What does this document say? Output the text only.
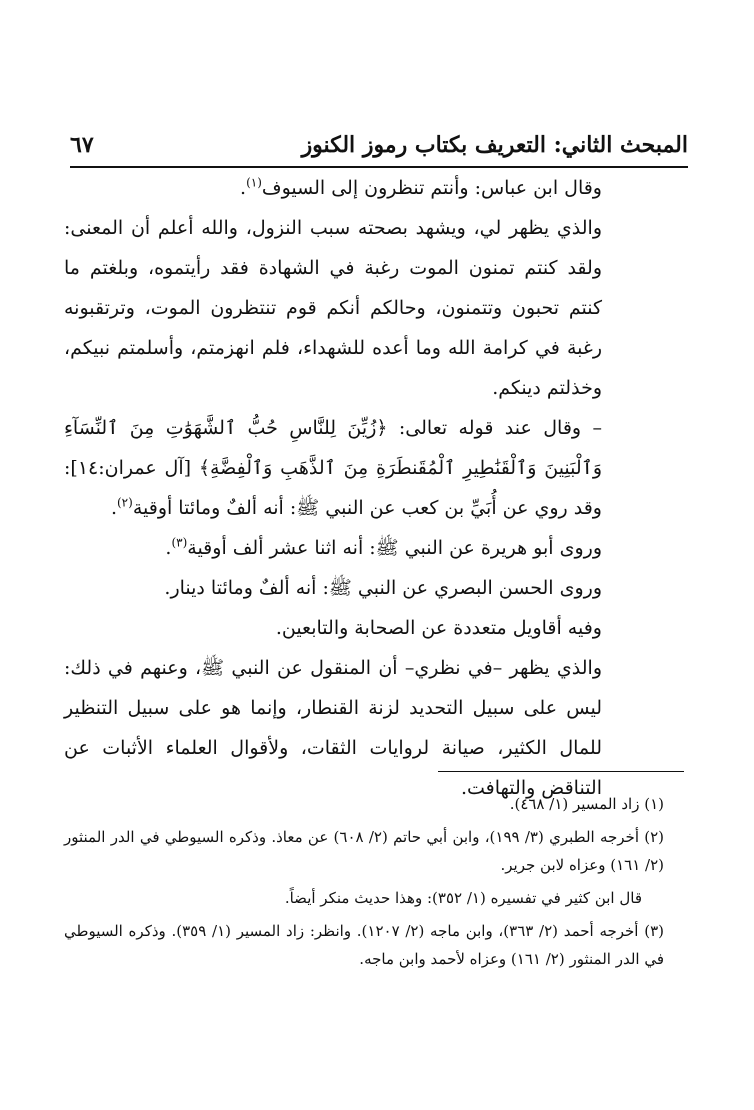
المبحث الثاني: التعريف بكتاب رموز الكنوز
٦٧

وقال ابن عباس: وأنتم تنظرون إلى السيوف$^{(١)}$.

والذي يظهر لي، ويشهد بصحته سبب النزول، والله أعلم أن المعنى: ولقد كنتم تمنون الموت رغبة في الشهادة فقد رأيتموه، وبلغتم ما كنتم تحبون وتتمنون، وحالكم أنكم قوم تنتظرون الموت، وترتقبونه رغبة في كرامة الله وما أعده للشهداء، فلم انهزمتم، وأسلمتم نبيكم، وخذلتم دينكم.

– وقال عند قوله تعالى: ﴿زُيِّنَ لِلنَّاسِ حُبُّ ٱلشَّهَوَٰتِ مِنَ ٱلنِّسَآءِ وَٱلْبَنِينَ وَٱلْقَنَٰطِيرِ ٱلْمُقَنطَرَةِ مِنَ ٱلذَّهَبِ وَٱلْفِضَّةِ﴾ [آل عمران:١٤]: وقد روي عن أُبَيِّ بن كعب عن النبي ﷺ: أنه ألفٌ ومائتا أوقية$^{(٢)}$.

وروى أبو هريرة عن النبي ﷺ: أنه اثنا عشر ألف أوقية$^{(٣)}$.

وروى الحسن البصري عن النبي ﷺ: أنه ألفٌ ومائتا دينار.

وفيه أقاويل متعددة عن الصحابة والتابعين.

والذي يظهر –في نظري– أن المنقول عن النبي ﷺ، وعنهم في ذلك: ليس على سبيل التحديد لزنة القنطار، وإنما هو على سبيل التنظير للمال الكثير، صيانة لروايات الثقات، ولأقوال العلماء الأثبات عن التناقض والتهافت.

(١) زاد المسير (١/ ٤٦٨).

(٢) أخرجه الطبري (٣/ ١٩٩)، وابن أبي حاتم (٢/ ٦٠٨) عن معاذ. وذكره السيوطي في الدر المنثور (٢/ ١٦١) وعزاه لابن جرير.

قال ابن كثير في تفسيره (١/ ٣٥٢): وهذا حديث منكر أيضاً.

(٣) أخرجه أحمد (٢/ ٣٦٣)، وابن ماجه (٢/ ١٢٠٧). وانظر: زاد المسير (١/ ٣٥٩). وذكره السيوطي في الدر المنثور (٢/ ١٦١) وعزاه لأحمد وابن ماجه.
